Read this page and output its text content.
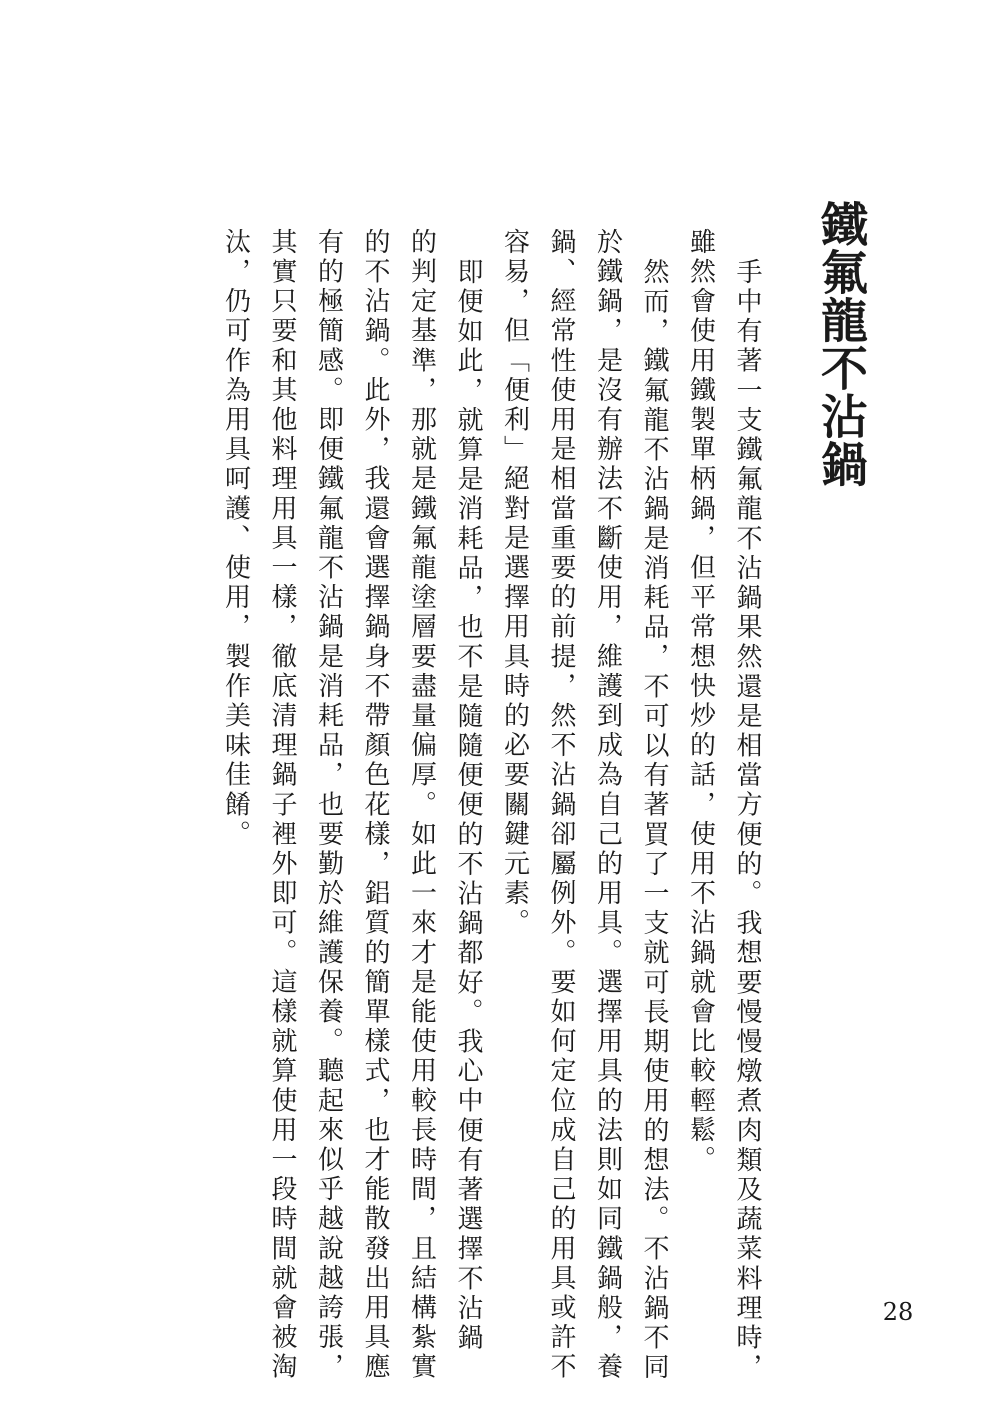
鐵氟龍不沾鍋

手中有著一支鐵氟龍不沾鍋果然還是相當方便的。我想要慢慢燉煮肉類及蔬菜料理時，

雖然會使用鐵製單柄鍋，但平常想快炒的話，使用不沾鍋就會比較輕鬆。

然而，鐵氟龍不沾鍋是消耗品，不可以有著買了一支就可長期使用的想法。不沾鍋不同

於鐵鍋，是沒有辦法不斷使用，維護到成為自己的用具。選擇用具的法則如同鐵鍋般，養

鍋、經常性使用是相當重要的前提，然不沾鍋卻屬例外。要如何定位成自己的用具或許不

容易，但「便利」絕對是選擇用具時的必要關鍵元素。

即便如此，就算是消耗品，也不是隨隨便便的不沾鍋都好。我心中便有著選擇不沾鍋

的判定基準，那就是鐵氟龍塗層要盡量偏厚。如此一來才是能使用較長時間，且結構紮實

的不沾鍋。此外，我還會選擇鍋身不帶顏色花樣，鋁質的簡單樣式，也才能散發出用具應

有的極簡感。即便鐵氟龍不沾鍋是消耗品，也要勤於維護保養。聽起來似乎越說越誇張，

其實只要和其他料理用具一樣，徹底清理鍋子裡外即可。這樣就算使用一段時間就會被淘

汰，仍可作為用具呵護、使用，製作美味佳餚。

28
